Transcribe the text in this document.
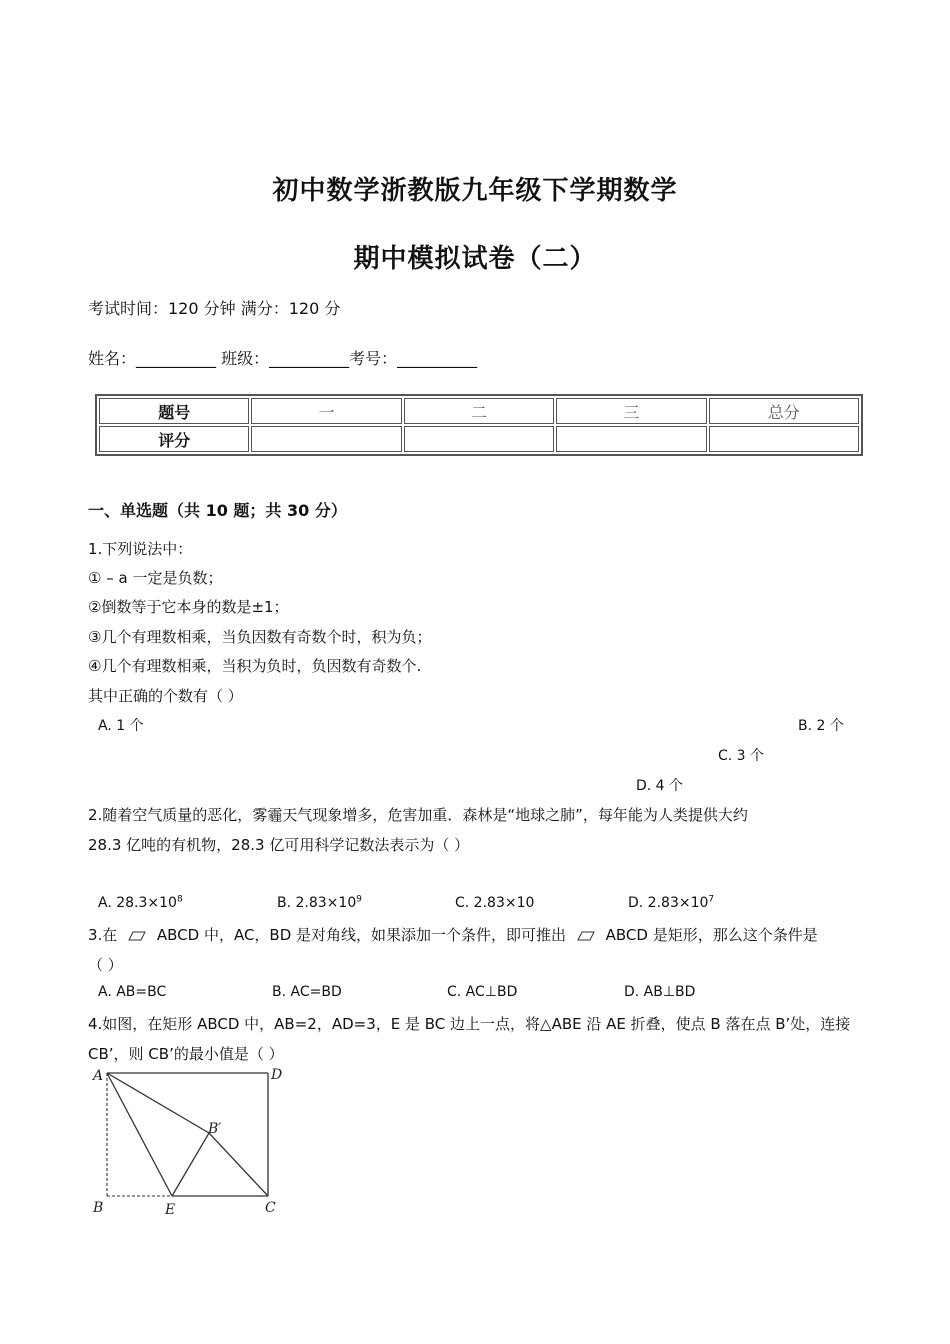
初中数学浙教版九年级下学期数学
期中模拟试卷（二）
考试时间：120 分钟 满分：120 分
姓名：__________ 班级：__________考号：__________
题号	一	二	三	总分
评分				
一、单选题（共 10 题；共 30 分）
1.下列说法中：
① – a 一定是负数；
②倒数等于它本身的数是±1；
③几个有理数相乘，当负因数有奇数个时，积为负；
④几个有理数相乘，当积为负时，负因数有奇数个.
其中正确的个数有（ ）
A. 1 个	B. 2 个
C. 3 个
D. 4 个
2.随着空气质量的恶化，雾霾天气现象增多，危害加重．森林是“地球之肺”，每年能为人类提供大约
28.3 亿吨的有机物，28.3 亿可用科学记数法表示为（ ）
A. $28.3\times 10^8$	B. $2.83\times 10^9$	C. 2.83×10	D. $2.83\times 10^7$
3.在	ABCD 中，AC，BD 是对角线，如果添加一个条件，即可推出	ABCD 是矩形，那么这个条件是
（ ）
A. AB=BC	B. AC=BD	C. AC⊥BD	D. AB⊥BD
4.如图，在矩形 ABCD 中，AB=2，AD=3，E 是 BC 边上一点，将△ABE 沿 AE 折叠，使点 B 落在点 B’处，连接
CB’，则 CB’的最小值是（ ）
A	D
B′
B	E	C
